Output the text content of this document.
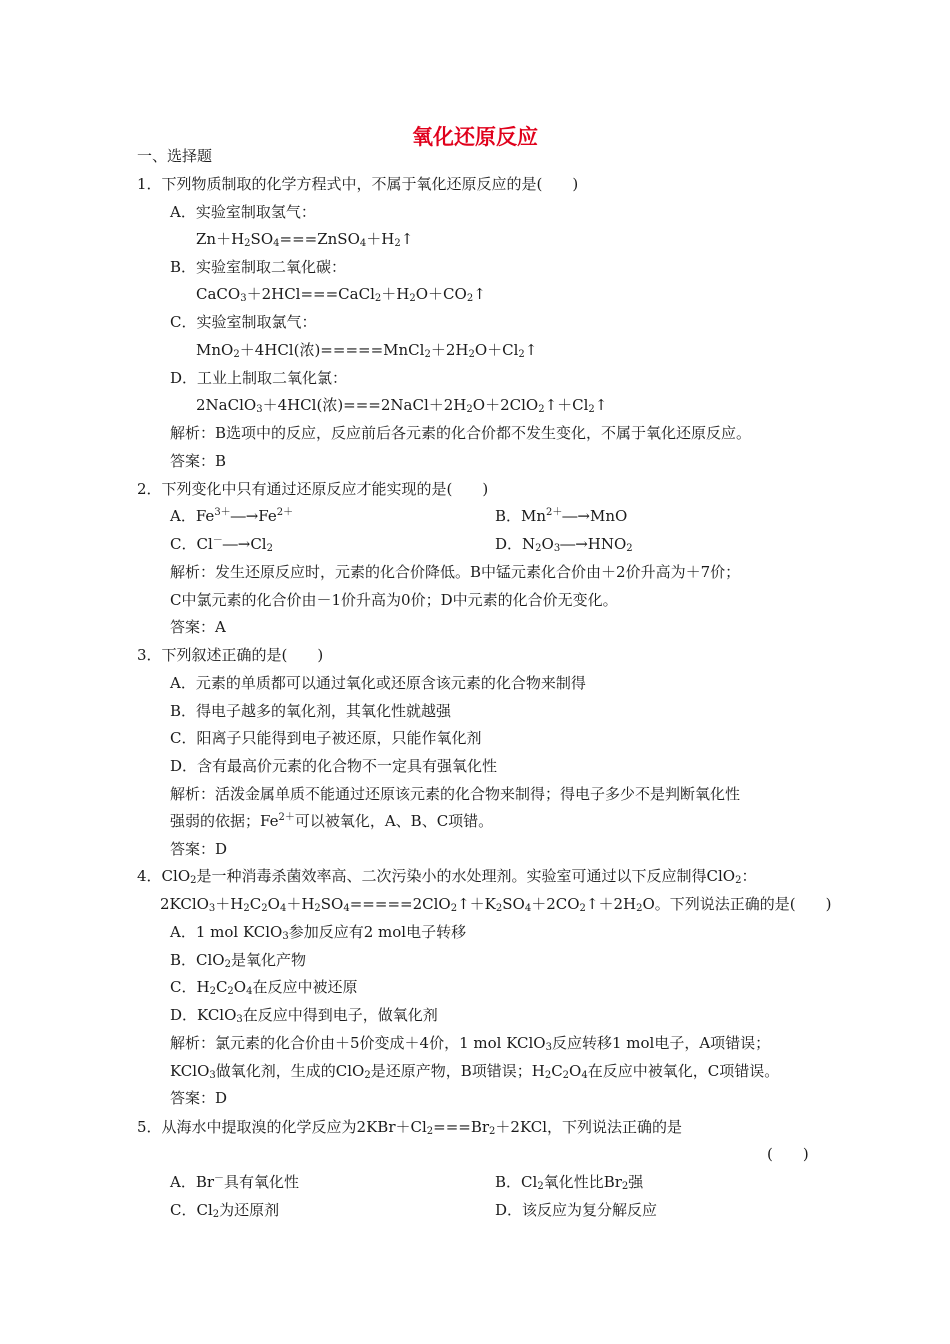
氧化还原反应
一、选择题
1．下列物质制取的化学方程式中，不属于氧化还原反应的是(　　)
A．实验室制取氢气：
$Zn+H_2SO_4===ZnSO_4+H_2↑$
B．实验室制取二氧化碳：
$CaCO_3+2HCl===CaCl_2+H_2O+CO_2↑$
C．实验室制取氯气：
MnO$_2$＋4HCl(浓)$=====MnCl_2+2H_2O+Cl_2↑$
D．工业上制取二氧化氯：
2NaClO$_3$＋4HCl(浓)$===2NaCl+2H_2O+2ClO_2↑+Cl_2↑$
解析：B选项中的反应，反应前后各元素的化合价都不发生变化，不属于氧化还原反应。
答案：B
2．下列变化中只有通过还原反应才能实现的是(　　)
A．$Fe^{3+}―\to Fe^{2+}$	B．$Mn^{2+}―\to MnO$
C．$Cl^-―\to Cl_2$	D．$N_2O_3―\to HNO_2$
解析：发生还原反应时，元素的化合价降低。B中锰元素化合价由＋2价升高为＋7价；
C中氯元素的化合价由－1价升高为0价；D中元素的化合价无变化。
答案：A
3．下列叙述正确的是(　　)
A．元素的单质都可以通过氧化或还原含该元素的化合物来制得
B．得电子越多的氧化剂，其氧化性就越强
C．阳离子只能得到电子被还原，只能作氧化剂
D．含有最高价元素的化合物不一定具有强氧化性
解析：活泼金属单质不能通过还原该元素的化合物来制得；得电子多少不是判断氧化性
强弱的依据；$Fe^{2+}$可以被氧化，A、B、C项错。
答案：D
4．ClO$_2$是一种消毒杀菌效率高、二次污染小的水处理剂。实验室可通过以下反应制得ClO$_2$：
$2KClO_3+H_2C_2O_4+H_2SO_4=====2ClO_2↑+K_2SO_4+2CO_2↑+2H_2O$。下列说法正确的是(　　)
A．1 mol KClO$_3$参加反应有2 mol电子转移
B．ClO$_2$是氧化产物
C．$H_2C_2O_4$在反应中被还原
D．KClO$_3$在反应中得到电子，做氧化剂
解析：氯元素的化合价由＋5价变成＋4价，1 mol KClO$_3$反应转移1 mol电子，A项错误；
KClO$_3$做氧化剂，生成的ClO$_2$是还原产物，B项错误；$H_2C_2O_4$在反应中被氧化，C项错误。
答案：D
5．从海水中提取溴的化学反应为$2KBr+Cl_2===Br_2+2KCl$，下列说法正确的是
(　　)
A．Br－具有氧化性	B．$Cl_2$氧化性比$Br_2$强
C．$Cl_2$为还原剂	D．该反应为复分解反应
